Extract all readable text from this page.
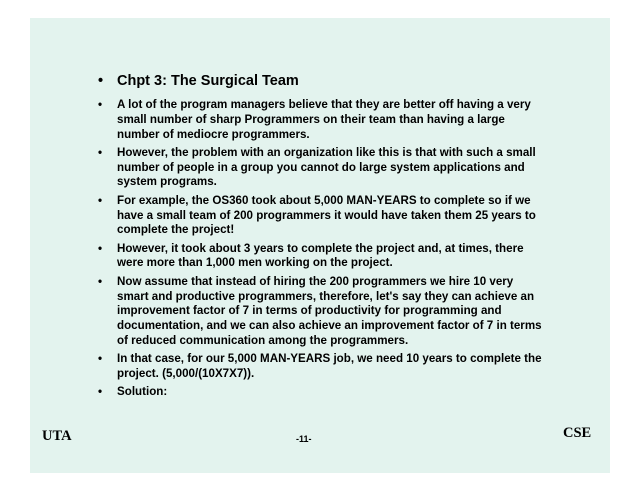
• Chpt 3: The Surgical Team
• A lot of the program managers believe that they are better off having a very small number of sharp Programmers on their team than having a large number of mediocre programmers.
• However, the problem with an organization like this is that with such a small number of people in a group you cannot do large system applications and system programs.
• For example, the OS360 took about 5,000 MAN-YEARS to complete so if we have a small team of 200 programmers it would have taken them 25 years to complete the project!
• However, it took about 3 years to complete the project and, at times, there were more than 1,000 men working on the project.
• Now assume that instead of hiring the 200 programmers we hire 10 very smart and productive programmers, therefore, let's say they can achieve an improvement factor of 7 in terms of productivity for programming and documentation, and we can also achieve an improvement factor of 7 in terms of reduced communication among the programmers.
• In that case, for our 5,000 MAN-YEARS job, we need 10 years to complete the project. (5,000/(10X7X7)).
• Solution:
UTA	-11-	CSE
